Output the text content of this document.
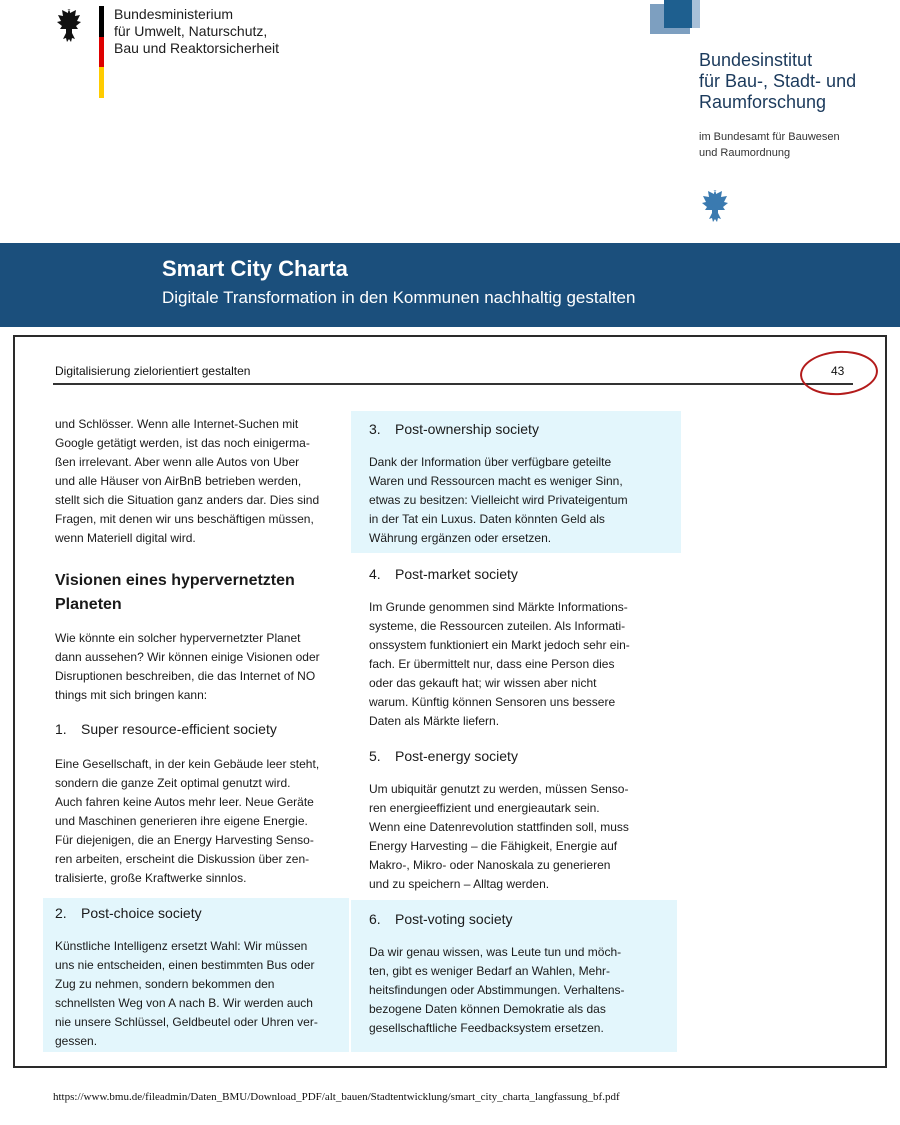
Bundesministerium
für Umwelt, Naturschutz,
Bau und Reaktorsicherheit
Bundesinstitut
für Bau-, Stadt- und
Raumforschung
im Bundesamt für Bauwesen
und Raumordnung
Smart City Charta
Digitale Transformation in den Kommunen nachhaltig gestalten
Digitalisierung zielorientiert gestalten	43
und Schlösser. Wenn alle Internet-Suchen mit
Google getätigt werden, ist das noch einigerma-
ßen irrelevant. Aber wenn alle Autos von Uber
und alle Häuser von AirBnB betrieben werden,
stellt sich die Situation ganz anders dar. Dies sind
Fragen, mit denen wir uns beschäftigen müssen,
wenn Materiell digital wird.
Visionen eines hypervernetzten
Planeten
Wie könnte ein solcher hypervernetzter Planet
dann aussehen? Wir können einige Visionen oder
Disruptionen beschreiben, die das Internet of NO
things mit sich bringen kann:
1. Super resource-efficient society
Eine Gesellschaft, in der kein Gebäude leer steht,
sondern die ganze Zeit optimal genutzt wird.
Auch fahren keine Autos mehr leer. Neue Geräte
und Maschinen generieren ihre eigene Energie.
Für diejenigen, die an Energy Harvesting Senso-
ren arbeiten, erscheint die Diskussion über zen-
tralisierte, große Kraftwerke sinnlos.
2. Post-choice society
Künstliche Intelligenz ersetzt Wahl: Wir müssen
uns nie entscheiden, einen bestimmten Bus oder
Zug zu nehmen, sondern bekommen den
schnellsten Weg von A nach B. Wir werden auch
nie unsere Schlüssel, Geldbeutel oder Uhren ver-
gessen.
3. Post-ownership society
Dank der Information über verfügbare geteilte
Waren und Ressourcen macht es weniger Sinn,
etwas zu besitzen: Vielleicht wird Privateigentum
in der Tat ein Luxus. Daten könnten Geld als
Währung ergänzen oder ersetzen.
4. Post-market society
Im Grunde genommen sind Märkte Informations-
systeme, die Ressourcen zuteilen. Als Informati-
onssystem funktioniert ein Markt jedoch sehr ein-
fach. Er übermittelt nur, dass eine Person dies
oder das gekauft hat; wir wissen aber nicht
warum. Künftig können Sensoren uns bessere
Daten als Märkte liefern.
5. Post-energy society
Um ubiquitär genutzt zu werden, müssen Senso-
ren energieeffizient und energieautark sein.
Wenn eine Datenrevolution stattfinden soll, muss
Energy Harvesting – die Fähigkeit, Energie auf
Makro-, Mikro- oder Nanoskala zu generieren
und zu speichern – Alltag werden.
6. Post-voting society
Da wir genau wissen, was Leute tun und möch-
ten, gibt es weniger Bedarf an Wahlen, Mehr-
heitsfindungen oder Abstimmungen. Verhaltens-
bezogene Daten können Demokratie als das
gesellschaftliche Feedbacksystem ersetzen.
https://www.bmu.de/fileadmin/Daten_BMU/Download_PDF/alt_bauen/Stadtentwicklung/smart_city_charta_langfassung_bf.pdf
